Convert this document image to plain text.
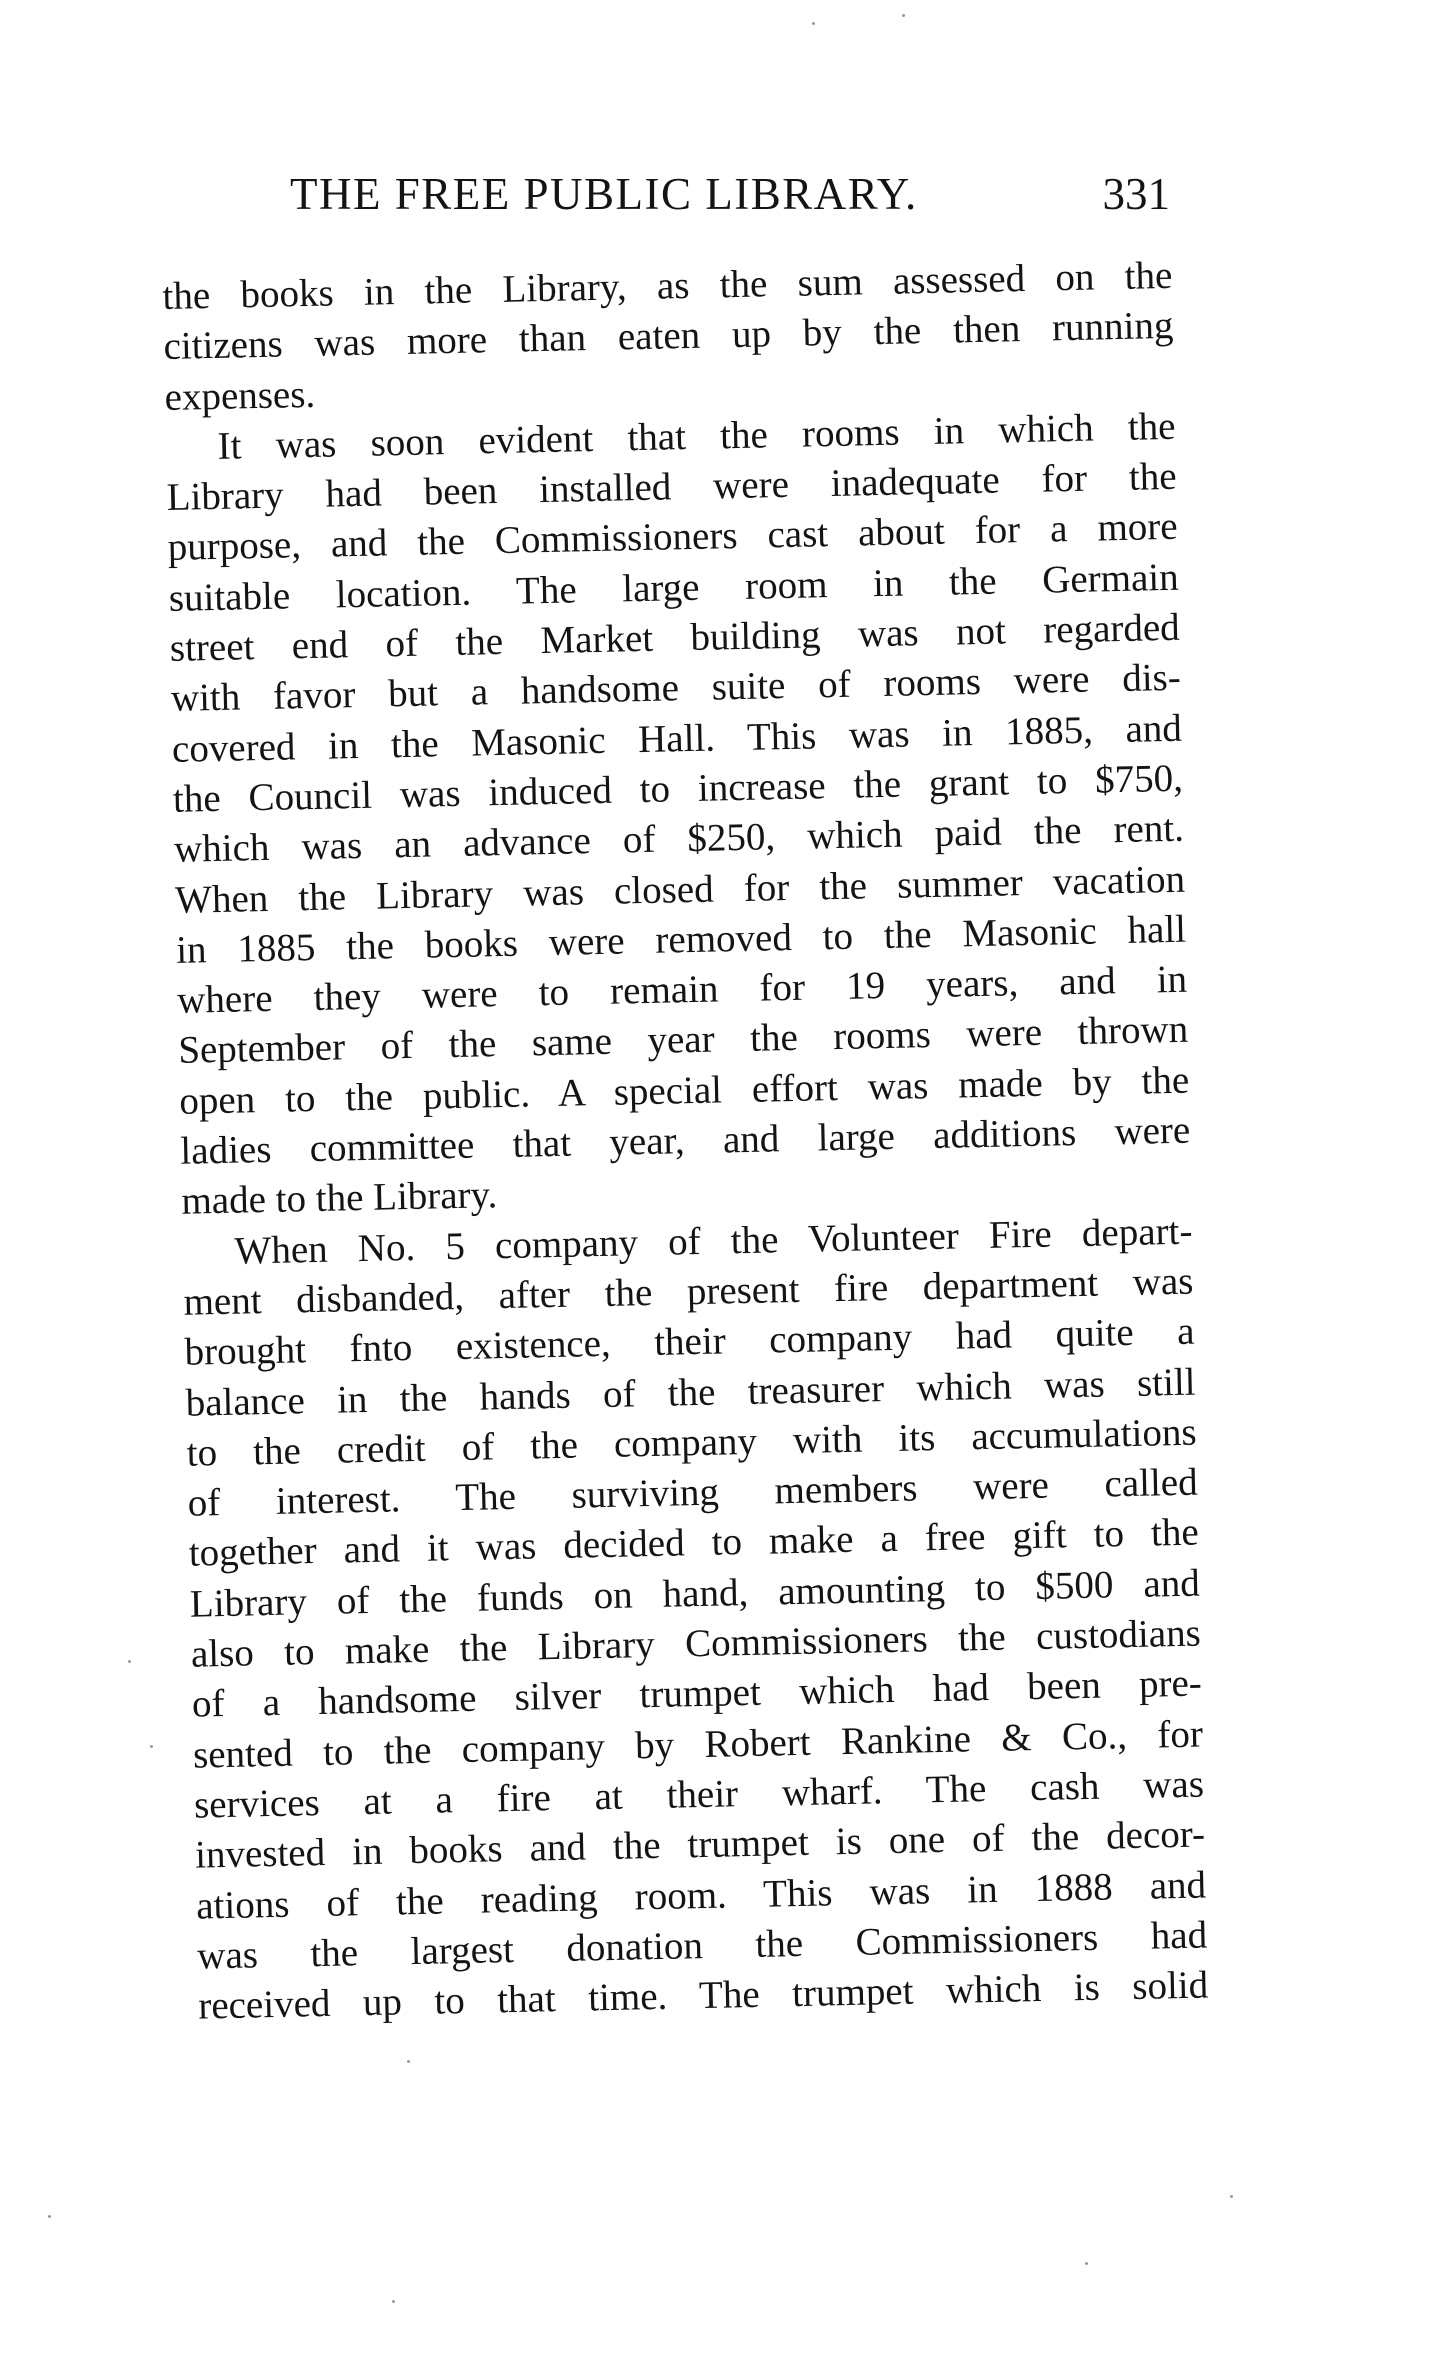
THE FREE PUBLIC LIBRARY.	331
the books in the Library, as the sum assessed on the
citizens was more than eaten up by the then running
expenses.
It was soon evident that the rooms in which the
Library had been installed were inadequate for the
purpose, and the Commissioners cast about for a more
suitable location. The large room in the Germain
street end of the Market building was not regarded
with favor but a handsome suite of rooms were dis-
covered in the Masonic Hall. This was in 1885, and
the Council was induced to increase the grant to $750,
which was an advance of $250, which paid the rent.
When the Library was closed for the summer vacation
in 1885 the books were removed to the Masonic hall
where they were to remain for 19 years, and in
September of the same year the rooms were thrown
open to the public. A special effort was made by the
ladies committee that year, and large additions were
made to the Library.
When No. 5 company of the Volunteer Fire depart-
ment disbanded, after the present fire department was
brought fnto existence, their company had quite a
balance in the hands of the treasurer which was still
to the credit of the company with its accumulations
of interest. The surviving members were called
together and it was decided to make a free gift to the
Library of the funds on hand, amounting to $500 and
also to make the Library Commissioners the custodians
of a handsome silver trumpet which had been pre-
sented to the company by Robert Rankine & Co., for
services at a fire at their wharf. The cash was
invested in books and the trumpet is one of the decor-
ations of the reading room. This was in 1888 and
was the largest donation the Commissioners had
received up to that time. The trumpet which is solid
